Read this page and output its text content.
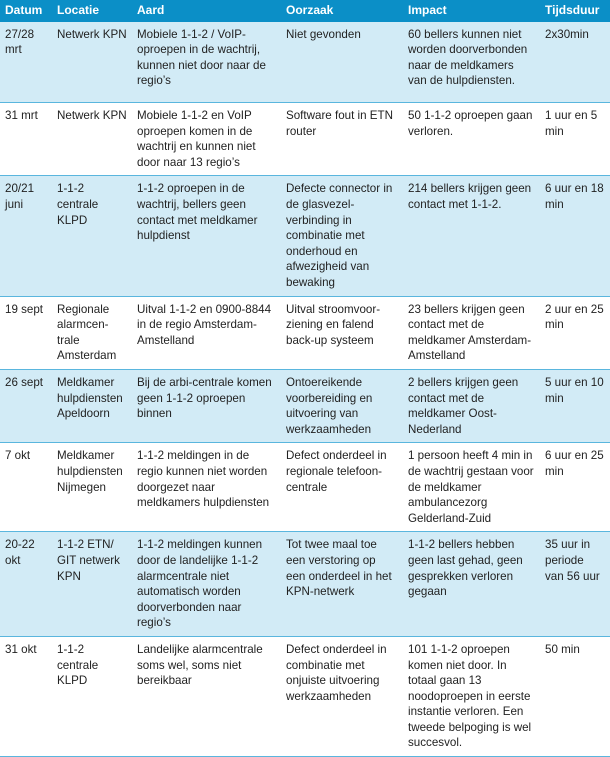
Datum	Locatie	Aard	Oorzaak	Impact	Tijdsduur
27/28 mrt	Netwerk KPN	Mobiele 1-1-2 / VoIP-oproepen in de wachtrij, kunnen niet door naar de regio’s	Niet gevonden	60 bellers kunnen niet worden doorverbonden naar de meldkamers van de hulpdiensten.	2x30min
31 mrt	Netwerk KPN	Mobiele 1-1-2 en VoIP oproepen komen in de wachtrij en kunnen niet door naar 13 regio’s	Software fout in ETN router	50 1-1-2 oproepen gaan verloren.	1 uur en 5 min
20/21 juni	1-1-2 centrale KLPD	1-1-2 oproepen in de wachtrij, bellers geen contact met meldkamer hulpdienst	Defecte connector in de glasvezel-verbinding in combinatie met onderhoud en afwezigheid van bewaking	214 bellers krijgen geen contact met 1-1-2.	6 uur en 18 min
19 sept	Regionale alarmcen-trale Amsterdam	Uitval 1-1-2 en 0900-8844 in de regio Amsterdam-Amstelland	Uitval stroomvoor-ziening en falend back-up systeem	23 bellers krijgen geen contact met de meldkamer Amsterdam-Amstelland	2 uur en 25 min
26 sept	Meldkamer hulpdiensten Apeldoorn	Bij de arbi-centrale komen geen 1-1-2 oproepen binnen	Ontoereikende voorbereiding en uitvoering van werkzaamheden	2 bellers krijgen geen contact met de meldkamer Oost-Nederland	5 uur en 10 min
7 okt	Meldkamer hulpdiensten Nijmegen	1-1-2 meldingen in de regio kunnen niet worden doorgezet naar meldkamers hulpdiensten	Defect onderdeel in regionale telefoon-centrale	1 persoon heeft 4 min in de wachtrij gestaan voor de meldkamer ambulancezorg Gelderland-Zuid	6 uur en 25 min
20-22 okt	1-1-2 ETN/ GIT netwerk KPN	1-1-2 meldingen kunnen door de landelijke 1-1-2 alarmcentrale niet automatisch worden doorverbonden naar regio’s	Tot twee maal toe een verstoring op een onderdeel in het KPN-netwerk	1-1-2 bellers hebben geen last gehad, geen gesprekken verloren gegaan	35 uur in periode van 56 uur
31 okt	1-1-2 centrale KLPD	Landelijke alarmcentrale soms wel, soms niet bereikbaar	Defect onderdeel in combinatie met onjuiste uitvoering werkzaamheden	101 1-1-2 oproepen komen niet door. In totaal gaan 13 noodoproepen in eerste instantie verloren. Een tweede belpoging is wel succesvol.	50 min
